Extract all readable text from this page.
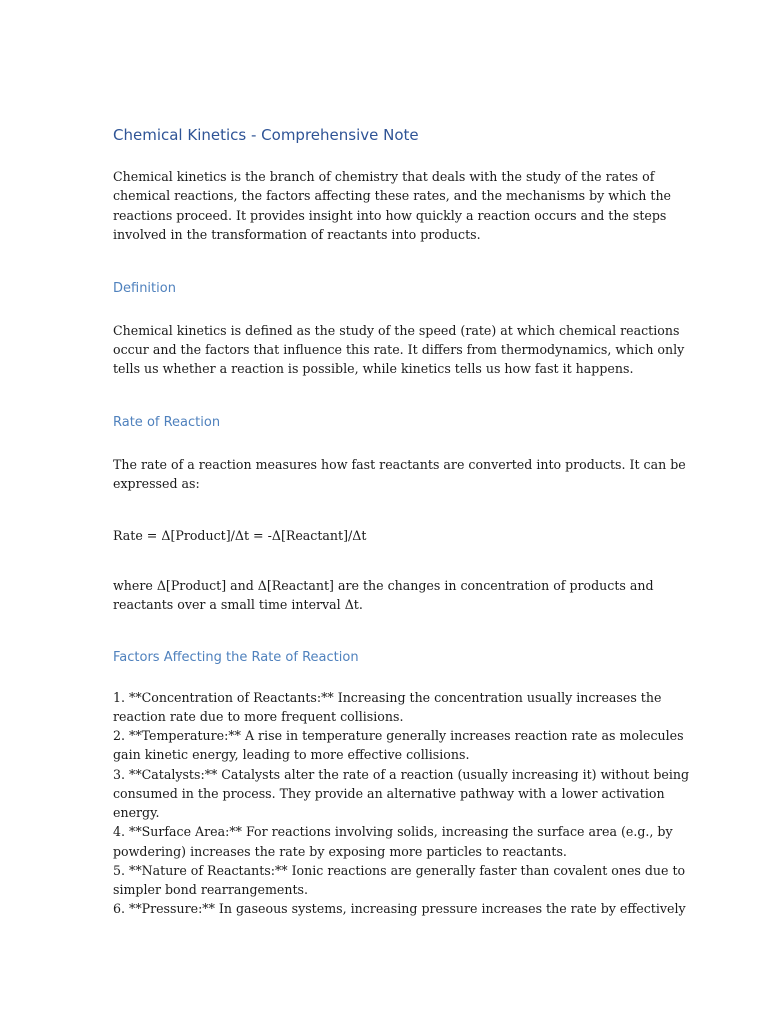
Chemical Kinetics - Comprehensive Note

Chemical kinetics is the branch of chemistry that deals with the study of the rates of
chemical reactions, the factors affecting these rates, and the mechanisms by which the
reactions proceed. It provides insight into how quickly a reaction occurs and the steps
involved in the transformation of reactants into products.

Definition

Chemical kinetics is defined as the study of the speed (rate) at which chemical reactions
occur and the factors that influence this rate. It differs from thermodynamics, which only
tells us whether a reaction is possible, while kinetics tells us how fast it happens.

Rate of Reaction

The rate of a reaction measures how fast reactants are converted into products. It can be
expressed as:

Rate = Δ[Product]/Δt = -Δ[Reactant]/Δt

where Δ[Product] and Δ[Reactant] are the changes in concentration of products and
reactants over a small time interval Δt.

Factors Affecting the Rate of Reaction

1. **Concentration of Reactants:** Increasing the concentration usually increases the
reaction rate due to more frequent collisions.

2. **Temperature:** A rise in temperature generally increases reaction rate as molecules
gain kinetic energy, leading to more effective collisions.

3. **Catalysts:** Catalysts alter the rate of a reaction (usually increasing it) without being
consumed in the process. They provide an alternative pathway with a lower activation
energy.

4. **Surface Area:** For reactions involving solids, increasing the surface area (e.g., by
powdering) increases the rate by exposing more particles to reactants.

5. **Nature of Reactants:** Ionic reactions are generally faster than covalent ones due to
simpler bond rearrangements.

6. **Pressure:** In gaseous systems, increasing pressure increases the rate by effectively
